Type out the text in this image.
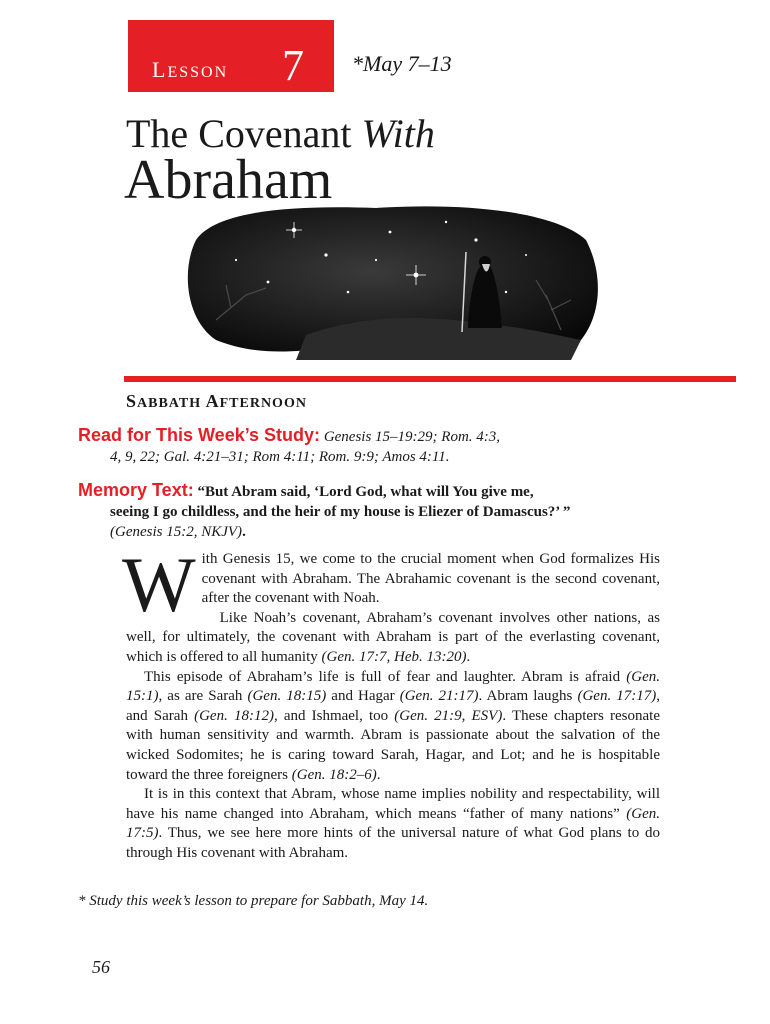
LESSON 7 *May 7–13
The Covenant With
Abraham
SABBATH AFTERNOON
Read for This Week’s Study: Genesis 15–19:29; Rom. 4:3,
4, 9, 22; Gal. 4:21–31; Rom 4:11; Rom. 9:9; Amos 4:11.
Memory Text: “But Abram said, ‘Lord God, what will You give me,
seeing I go childless, and the heir of my house is Eliezer of Damascus?’ ”
(Genesis 15:2, NKJV).

With Genesis 15, we come to the crucial moment when God formalizes His covenant with Abraham. The Abrahamic covenant is the second covenant, after the covenant with Noah.

Like Noah’s covenant, Abraham’s covenant involves other nations, as well, for ultimately, the covenant with Abraham is part of the everlasting covenant, which is offered to all humanity (Gen. 17:7, Heb. 13:20).

This episode of Abraham’s life is full of fear and laughter. Abram is afraid (Gen. 15:1), as are Sarah (Gen. 18:15) and Hagar (Gen. 21:17). Abram laughs (Gen. 17:17), and Sarah (Gen. 18:12), and Ishmael, too (Gen. 21:9, ESV). These chapters resonate with human sensitivity and warmth. Abram is passionate about the salvation of the wicked Sodomites; he is caring toward Sarah, Hagar, and Lot; and he is hospitable toward the three foreigners (Gen. 18:2–6).

It is in this context that Abram, whose name implies nobility and respectability, will have his name changed into Abraham, which means “father of many nations” (Gen. 17:5). Thus, we see here more hints of the universal nature of what God plans to do through His covenant with Abraham.

* Study this week’s lesson to prepare for Sabbath, May 14.
56
